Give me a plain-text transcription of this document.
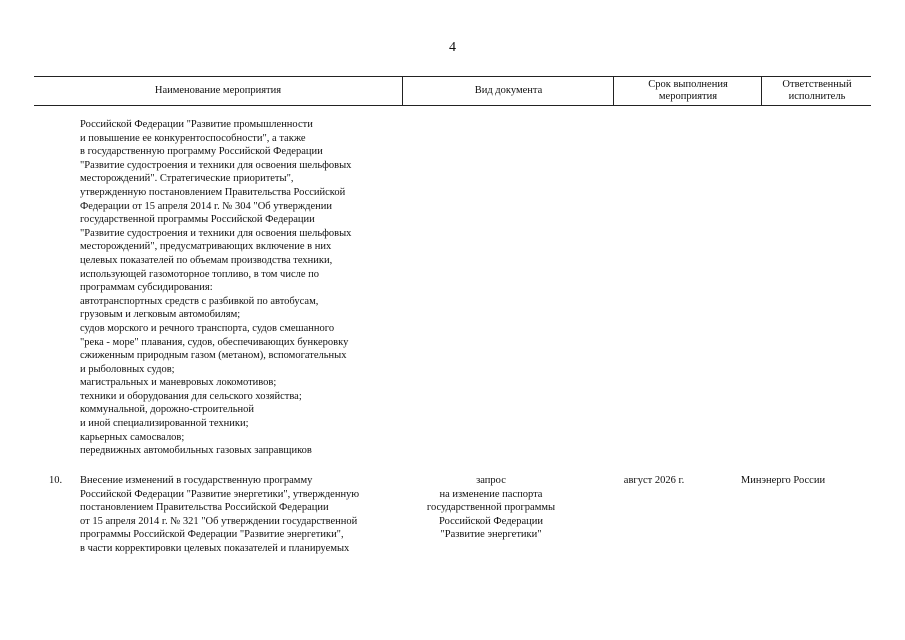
4
Наименование мероприятия	Вид документа
Срок выполнения
мероприятия
Ответственный
исполнитель
Российской Федерации "Развитие промышленности
и повышение ее конкурентоспособности", а также
в государственную программу Российской Федерации
"Развитие судостроения и техники для освоения шельфовых
месторождений". Стратегические приоритеты",
утвержденную постановлением Правительства Российской
Федерации от 15 апреля 2014 г. № 304 "Об утверждении
государственной программы Российской Федерации
"Развитие судостроения и техники для освоения шельфовых
месторождений", предусматривающих включение в них
целевых показателей по объемам производства техники,
использующей газомоторное топливо, в том числе по
программам субсидирования:
автотранспортных средств с разбивкой по автобусам,
грузовым и легковым автомобилям;
судов морского и речного транспорта, судов смешанного
"река - море" плавания, судов, обеспечивающих бункеровку
сжиженным природным газом (метаном), вспомогательных
и рыболовных судов;
магистральных и маневровых локомотивов;
техники и оборудования для сельского хозяйства;
коммунальной, дорожно-строительной
и иной специализированной техники;
карьерных самосвалов;
передвижных автомобильных газовых заправщиков
10. Внесение изменений в государственную программу
Российской Федерации "Развитие энергетики", утвержденную
постановлением Правительства Российской Федерации
от 15 апреля 2014 г. № 321 "Об утверждении государственной
программы Российской Федерации "Развитие энергетики",
в части корректировки целевых показателей и планируемых
запрос
на изменение паспорта
государственной программы
Российской Федерации
"Развитие энергетики"
август 2026 г.	Минэнерго России
